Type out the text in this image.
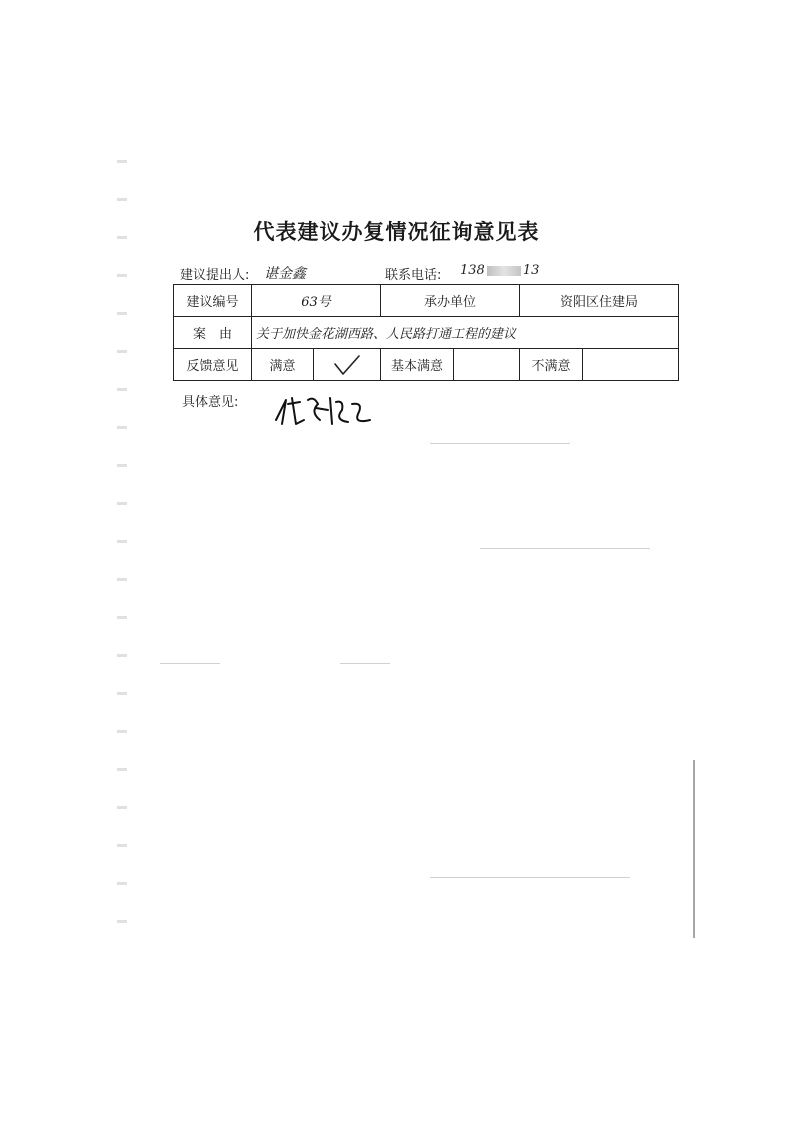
代表建议办复情况征询意见表
建议提出人: 谌金鑫	联系电话: 138	13
建议编号	63号		承办单位		资阳区住建局	
案　由	关于加快金花湖西路、人民路打通工程的建议					
反馈意见	满意		基本满意		不满意	
具体意见:
